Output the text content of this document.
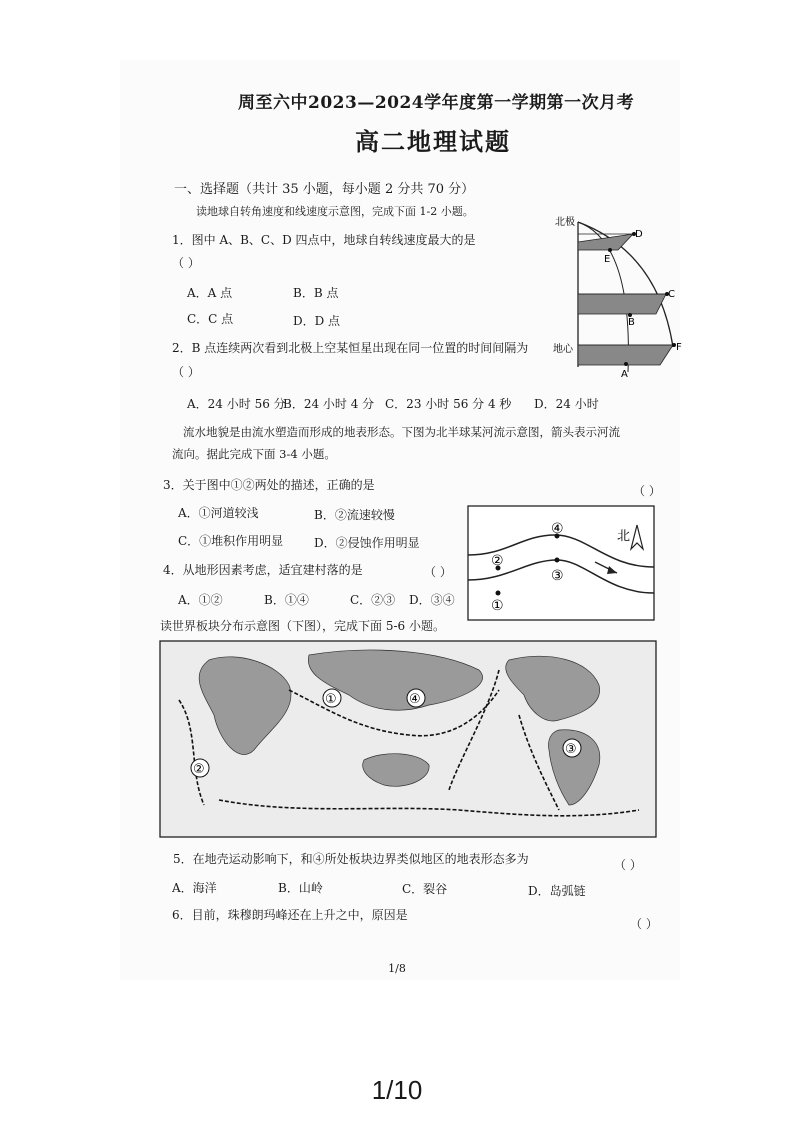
周至六中2023—2024学年度第一学期第一次月考
高二地理试题
一、选择题（共计 35 小题，每小题 2 分共 70 分）
读地球自转角速度和线速度示意图，完成下面 1-2 小题。
1．图中 A、B、C、D 四点中，地球自转线速度最大的是
（ ）
A．A 点	B．B 点
C．C 点	D．D 点
2．B 点连续两次看到北极上空某恒星出现在同一位置的时间间隔为
（ ）
A．24 小时 56 分
B．24 小时 4 分 C．23 小时 56 分 4 秒 D．24 小时
北极
地心
D
C
F
B
A
E
流水地貌是由流水塑造而形成的地表形态。下图为北半球某河流示意图，箭头表示河流
流向。据此完成下面 3-4 小题。
3．关于图中①②两处的描述，正确的是	（ ）
A．①河道较浅	B．②流速较慢
C．①堆积作用明显	D．②侵蚀作用明显
4．从地形因素考虑，适宜建村落的是	（ ）
A．①②	B．①④	C．②③ D．③④
②
④
③
①
北
读世界板块分布示意图（下图），完成下面 5-6 小题。
①	④
③
②
5．在地壳运动影响下，和④所处板块边界类似地区的地表形态多为	（ ）
A．海洋	B．山岭	C．裂谷	D．岛弧链
6．目前，珠穆朗玛峰还在上升之中，原因是
（ ）
1/8
1/10
